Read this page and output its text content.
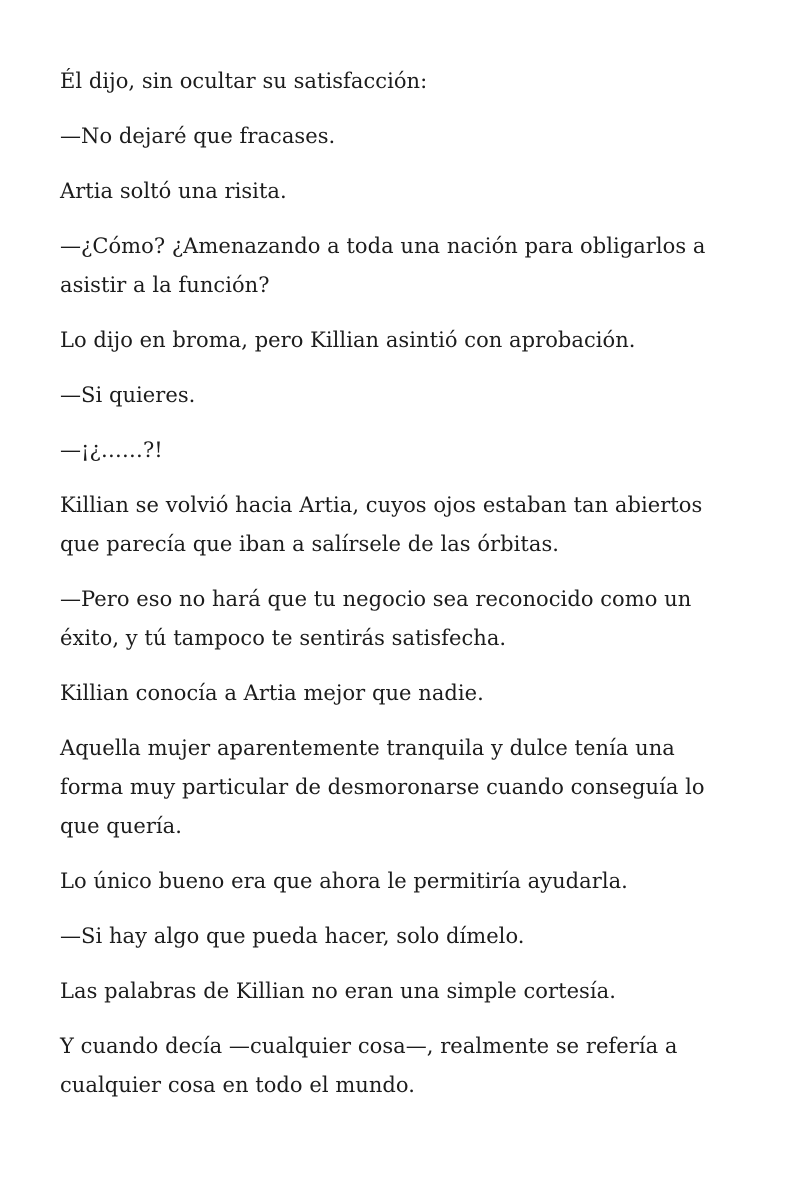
Él dijo, sin ocultar su satisfacción:

—No dejaré que fracases.

Artia soltó una risita.

—¿Cómo? ¿Amenazando a toda una nación para obligarlos a asistir a la función?

Lo dijo en broma, pero Killian asintió con aprobación.

—Si quieres.

—¡¿……?!

Killian se volvió hacia Artia, cuyos ojos estaban tan abiertos que parecía que iban a salírsele de las órbitas.

—Pero eso no hará que tu negocio sea reconocido como un éxito, y tú tampoco te sentirás satisfecha.

Killian conocía a Artia mejor que nadie.

Aquella mujer aparentemente tranquila y dulce tenía una forma muy particular de desmoronarse cuando conseguía lo que quería.

Lo único bueno era que ahora le permitiría ayudarla.

—Si hay algo que pueda hacer, solo dímelo.

Las palabras de Killian no eran una simple cortesía.

Y cuando decía —cualquier cosa—, realmente se refería a cualquier cosa en todo el mundo.
